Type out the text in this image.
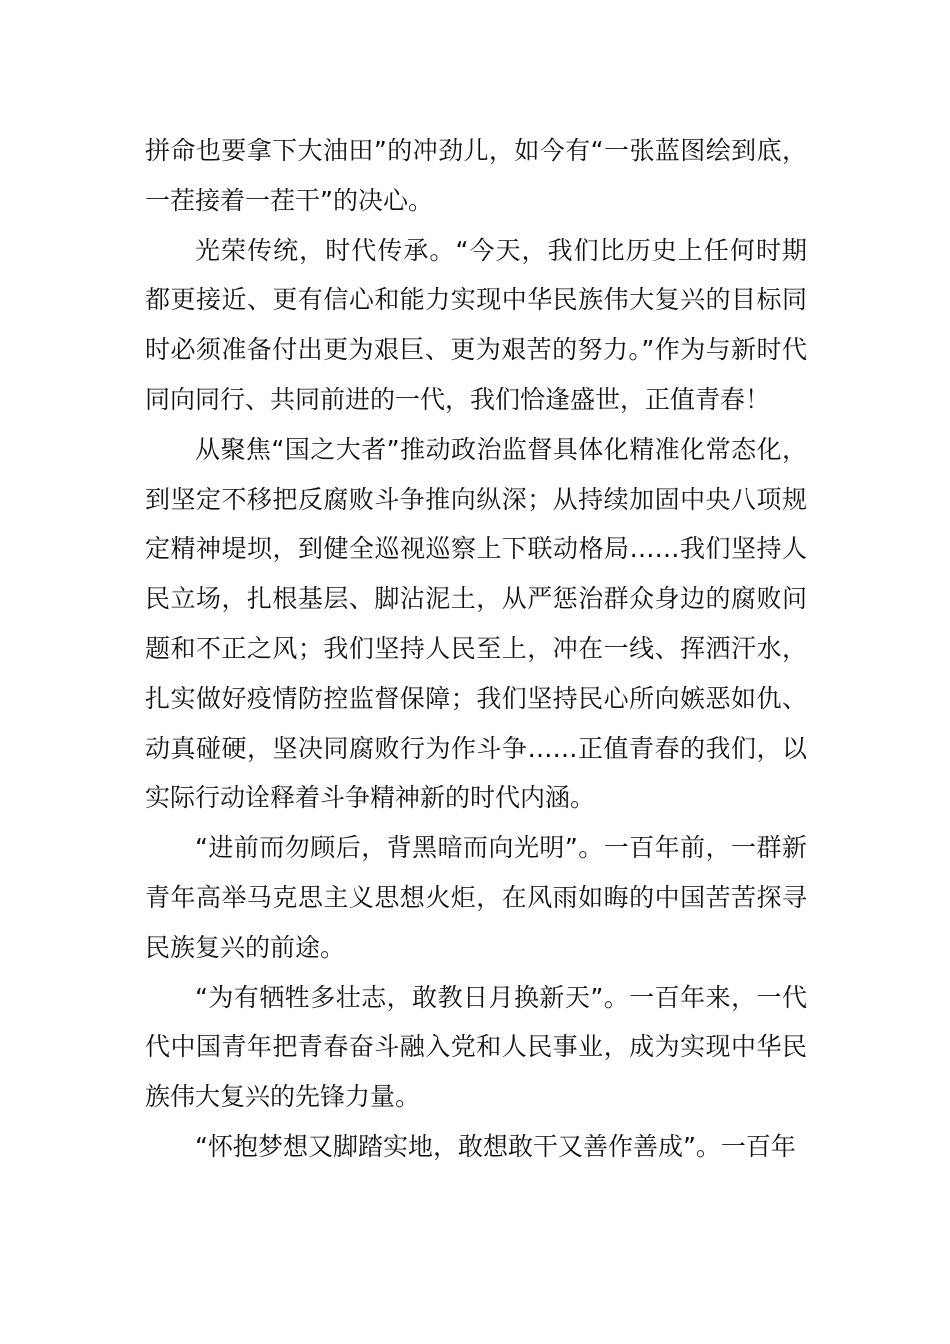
拼命也要拿下大油田”的冲劲儿，如今有“一张蓝图绘到底，一茬接着一茬干”的决心。

光荣传统，时代传承。“今天，我们比历史上任何时期都更接近、更有信心和能力实现中华民族伟大复兴的目标同时必须准备付出更为艰巨、更为艰苦的努力。”作为与新时代同向同行、共同前进的一代，我们恰逢盛世，正值青春！

从聚焦“国之大者”推动政治监督具体化精准化常态化，到坚定不移把反腐败斗争推向纵深；从持续加固中央八项规定精神堤坝，到健全巡视巡察上下联动格局……我们坚持人民立场，扎根基层、脚沾泥土，从严惩治群众身边的腐败问题和不正之风；我们坚持人民至上，冲在一线、挥洒汗水，扎实做好疫情防控监督保障；我们坚持民心所向嫉恶如仇、动真碰硬，坚决同腐败行为作斗争……正值青春的我们，以实际行动诠释着斗争精神新的时代内涵。

“进前而勿顾后，背黑暗而向光明”。一百年前，一群新青年高举马克思主义思想火炬，在风雨如晦的中国苦苦探寻民族复兴的前途。

“为有牺牲多壮志，敢教日月换新天”。一百年来，一代代中国青年把青春奋斗融入党和人民事业，成为实现中华民族伟大复兴的先锋力量。

“怀抱梦想又脚踏实地，敢想敢干又善作善成”。一百年
